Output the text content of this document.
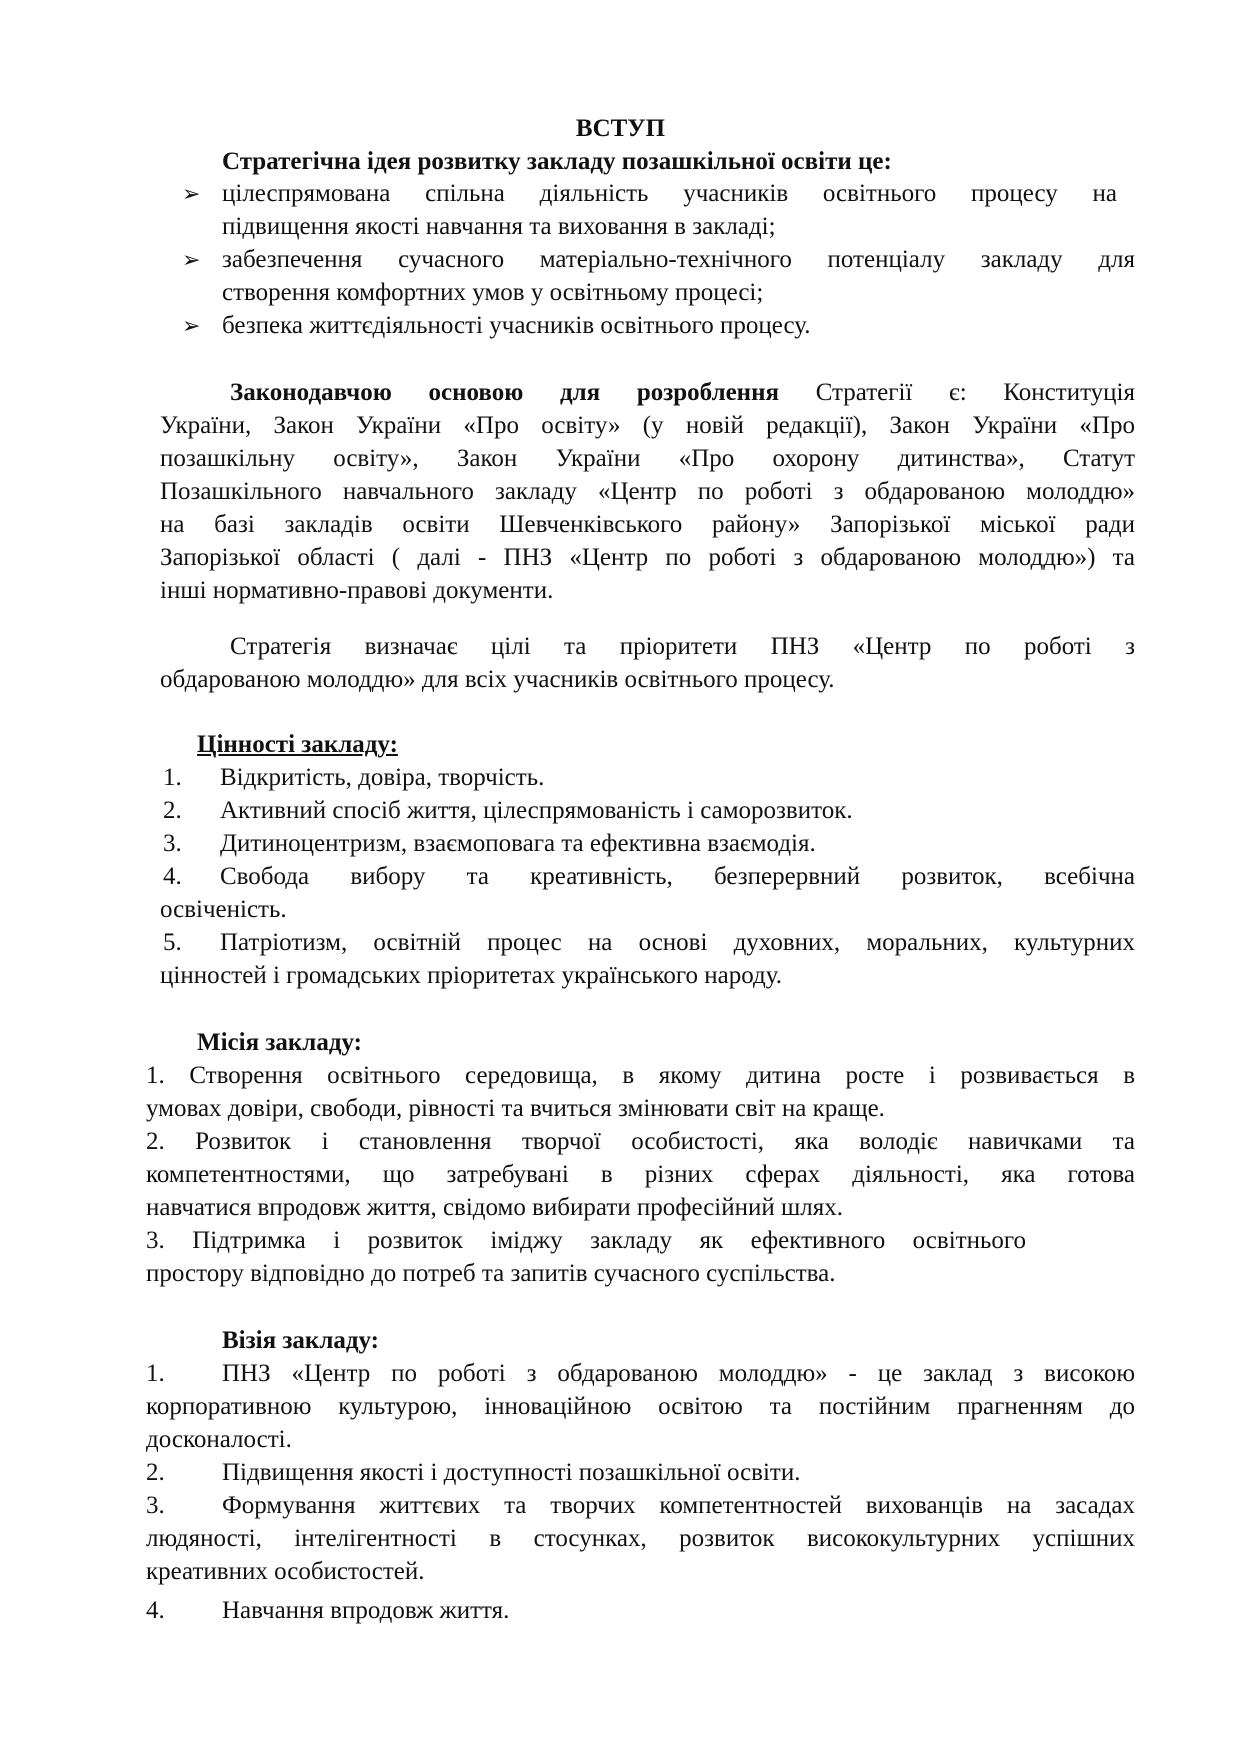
ВСТУП
Стратегічна ідея розвитку закладу позашкільної освіти це:
➢ цілеспрямована спільна діяльність учасників освітнього процесу на
підвищення якості навчання та виховання в закладі;
➢ забезпечення сучасного матеріально-технічного потенціалу закладу для
створення комфортних умов у освітньому процесі;
➢ безпека життєдіяльності учасників освітнього процесу.
Законодавчою основою для розроблення Стратегії є: Конституція
України, Закон України «Про освіту» (у новій редакції), Закон України «Про
позашкільну освіту», Закон України «Про охорону дитинства», Статут
Позашкільного навчального закладу «Центр по роботі з обдарованою молоддю»
на базі закладів освіти Шевченківського району» Запорізької міської ради
Запорізької області ( далі - ПНЗ «Центр по роботі з обдарованою молоддю») та
інші нормативно-правові документи.
Стратегія визначає цілі та пріоритети ПНЗ «Центр по роботі з
обдарованою молоддю» для всіх учасників освітнього процесу.
Цінності закладу:
1. Відкритість, довіра, творчість.
2. Активний спосіб життя, цілеспрямованість і саморозвиток.
3. Дитиноцентризм, взаємоповага та ефективна взаємодія.
4. Свобода вибору та креативність, безперервний розвиток, всебічна
освіченість.
5. Патріотизм, освітній процес на основі духовних, моральних, культурних
цінностей і громадських пріоритетах українського народу.
Місія закладу:
1. Створення освітнього середовища, в якому дитина росте і розвивається в
умовах довіри, свободи, рівності та вчиться змінювати світ на краще.
2. Розвиток і становлення творчої особистості, яка володіє навичками та
компетентностями, що затребувані в різних сферах діяльності, яка готова
навчатися впродовж життя, свідомо вибирати професійний шлях.
3. Підтримка і розвиток іміджу закладу як ефективного освітнього
простору відповідно до потреб та запитів сучасного суспільства.
Візія закладу:
1. ПНЗ «Центр по роботі з обдарованою молоддю» - це заклад з високою
корпоративною культурою, інноваційною освітою та постійним прагненням до
досконалості.
2. Підвищення якості і доступності позашкільної освіти.
3. Формування життєвих та творчих компетентностей вихованців на засадах
людяності, інтелігентності в стосунках, розвиток висококультурних успішних
креативних особистостей.
4. Навчання впродовж життя.
